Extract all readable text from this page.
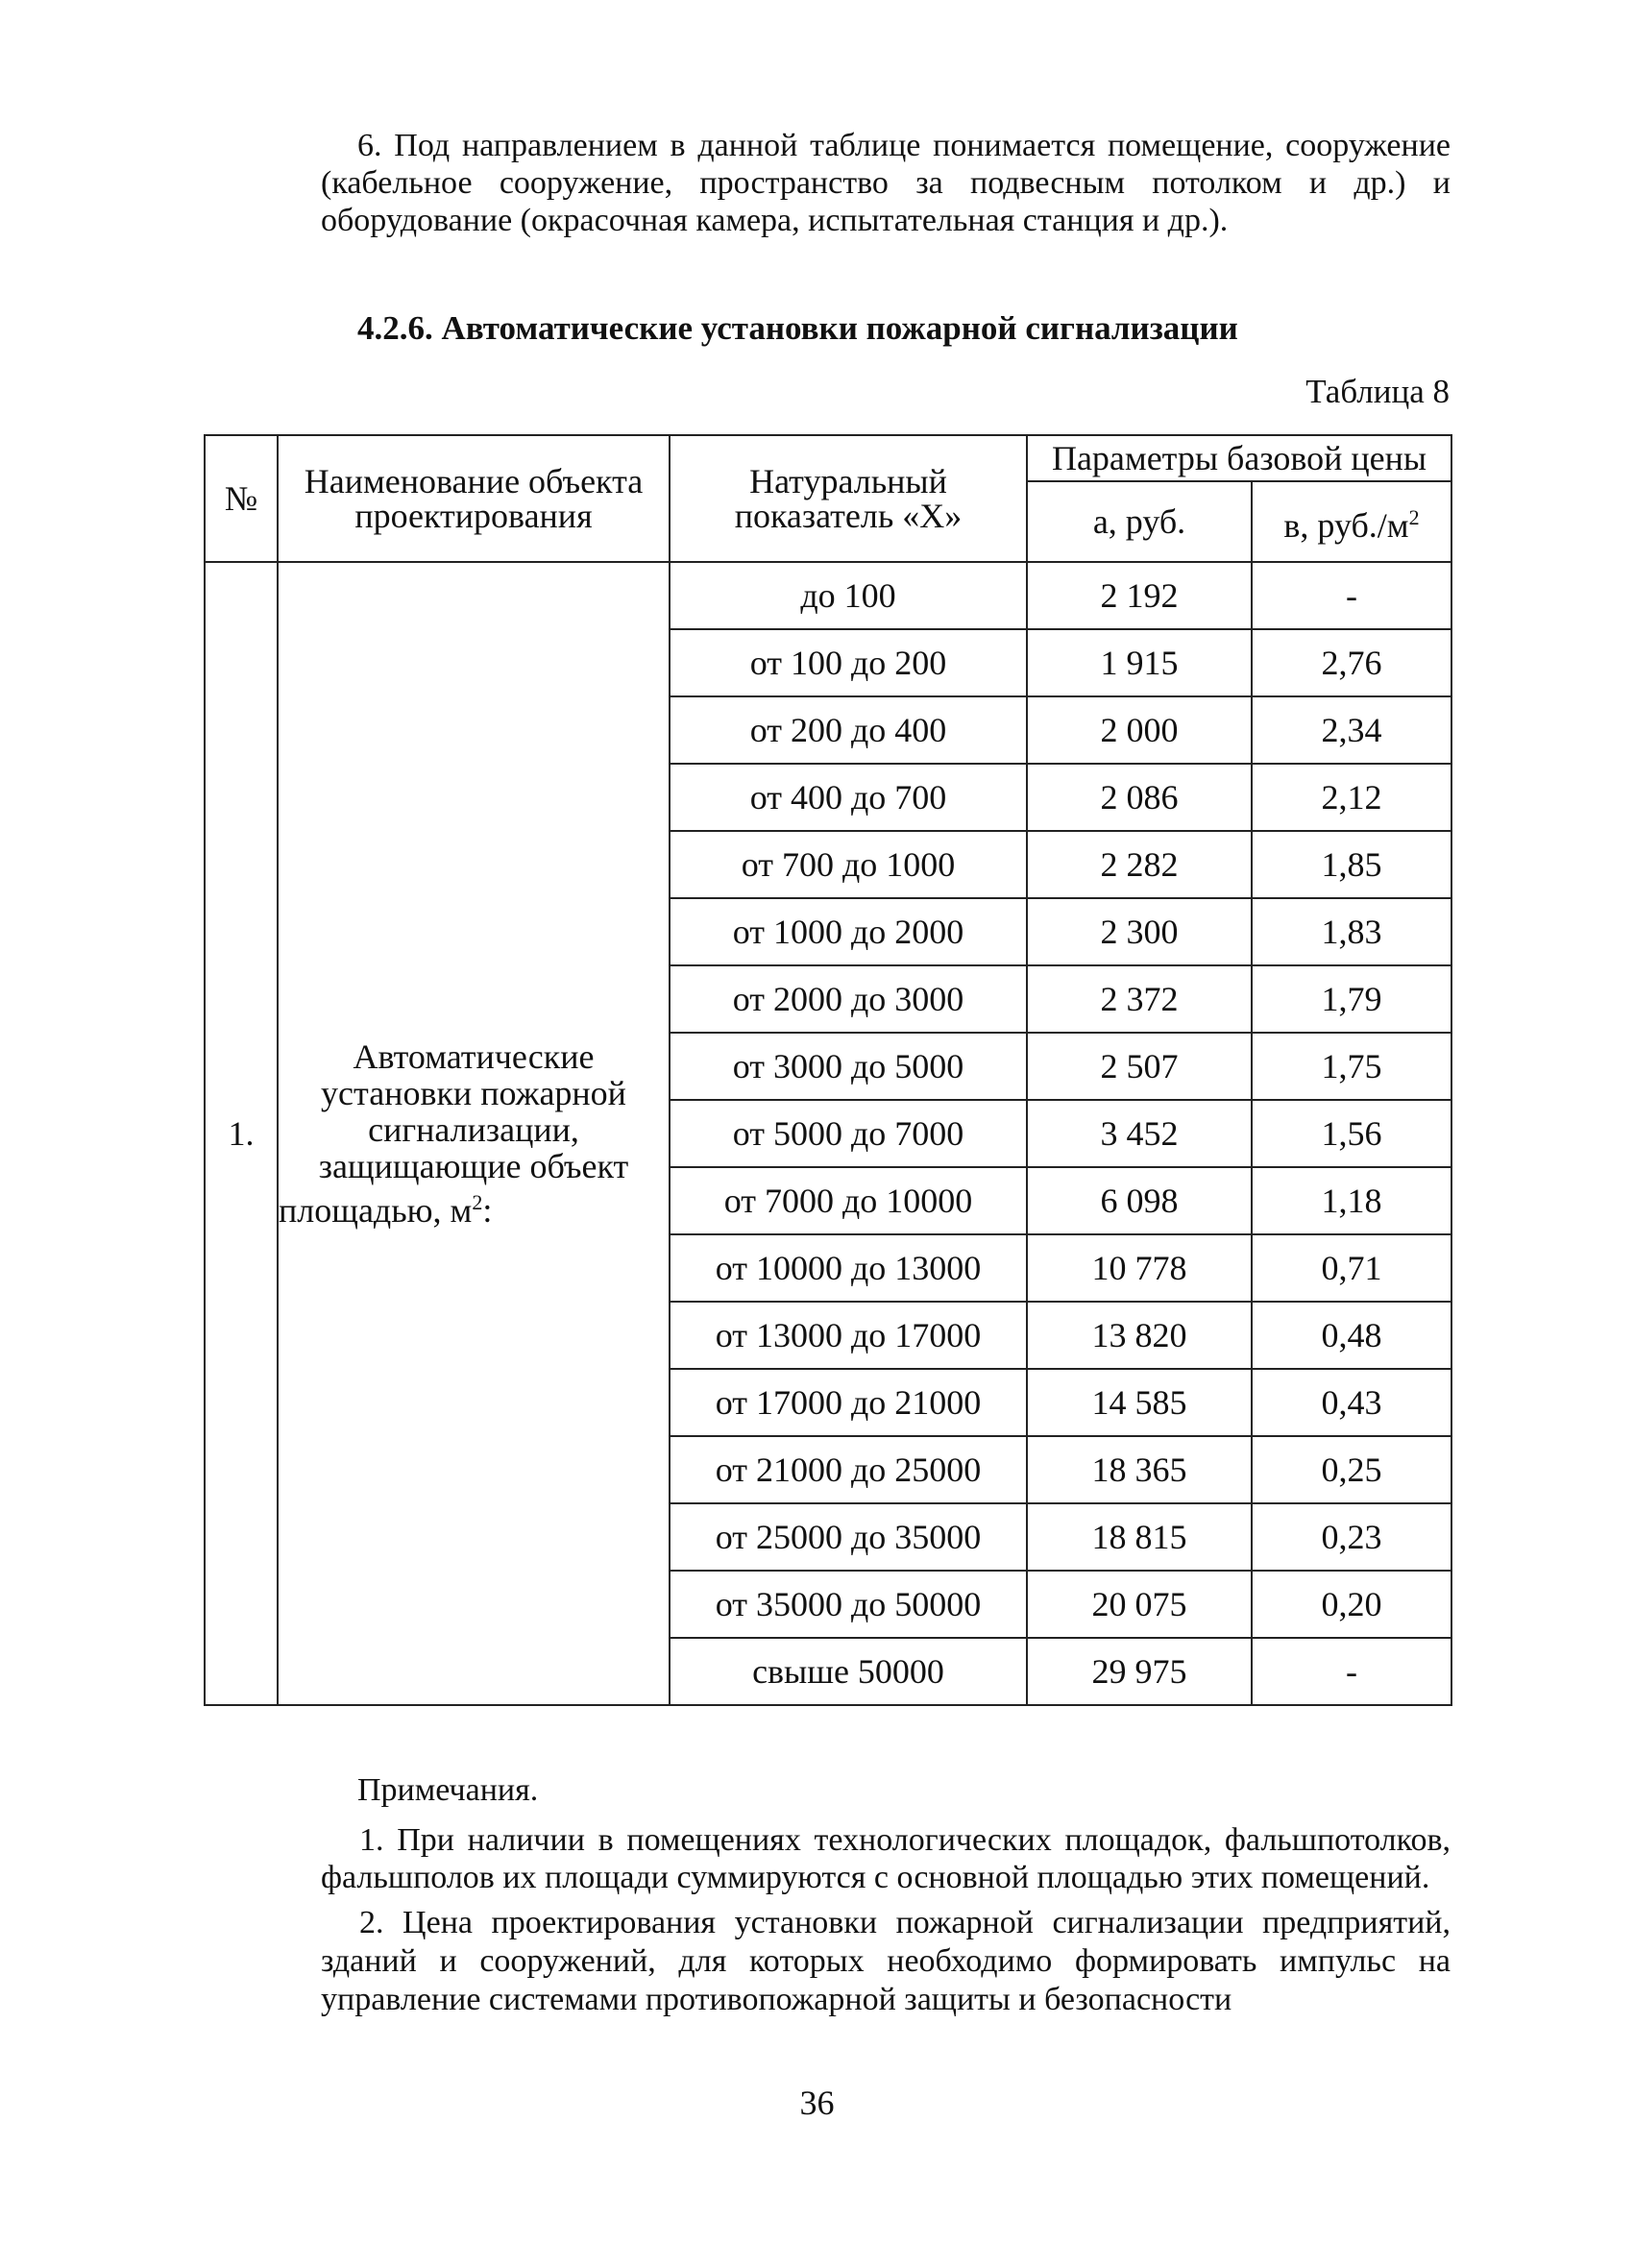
6. Под направлением в данной таблице понимается помещение, сооружение (кабельное сооружение, пространство за подвесным потолком и др.) и оборудование (окрасочная камера, испытательная станция и др.).

4.2.6. Автоматические установки пожарной сигнализации
Таблица 8
№	Наименование объекта проектирования	Натуральный показатель «Х»	Параметры базовой цены	
			а, руб.	в, $руб./м^2$
1.	Автоматические установки пожарной сигнализации, защищающие объект площадью, $м^2$:	до 100	2 192	-
		от 100 до 200	1 915	2,76
		от 200 до 400	2 000	2,34
		от 400 до 700	2 086	2,12
		от 700 до 1000	2 282	1,85
		от 1000 до 2000	2 300	1,83
		от 2000 до 3000	2 372	1,79
		от 3000 до 5000	2 507	1,75
		от 5000 до 7000	3 452	1,56
		от 7000 до 10000	6 098	1,18
		от 10000 до 13000	10 778	0,71
		от 13000 до 17000	13 820	0,48
		от 17000 до 21000	14 585	0,43
		от 21000 до 25000	18 365	0,25
		от 25000 до 35000	18 815	0,23
		от 35000 до 50000	20 075	0,20
		свыше 50000	29 975	-
Примечания.

1. При наличии в помещениях технологических площадок, фальшпотолков, фальшполов их площади суммируются с основной площадью этих помещений.

2. Цена проектирования установки пожарной сигнализации предприятий, зданий и сооружений, для которых необходимо формировать импульс на управление системами противопожарной защиты и безопасности

36
